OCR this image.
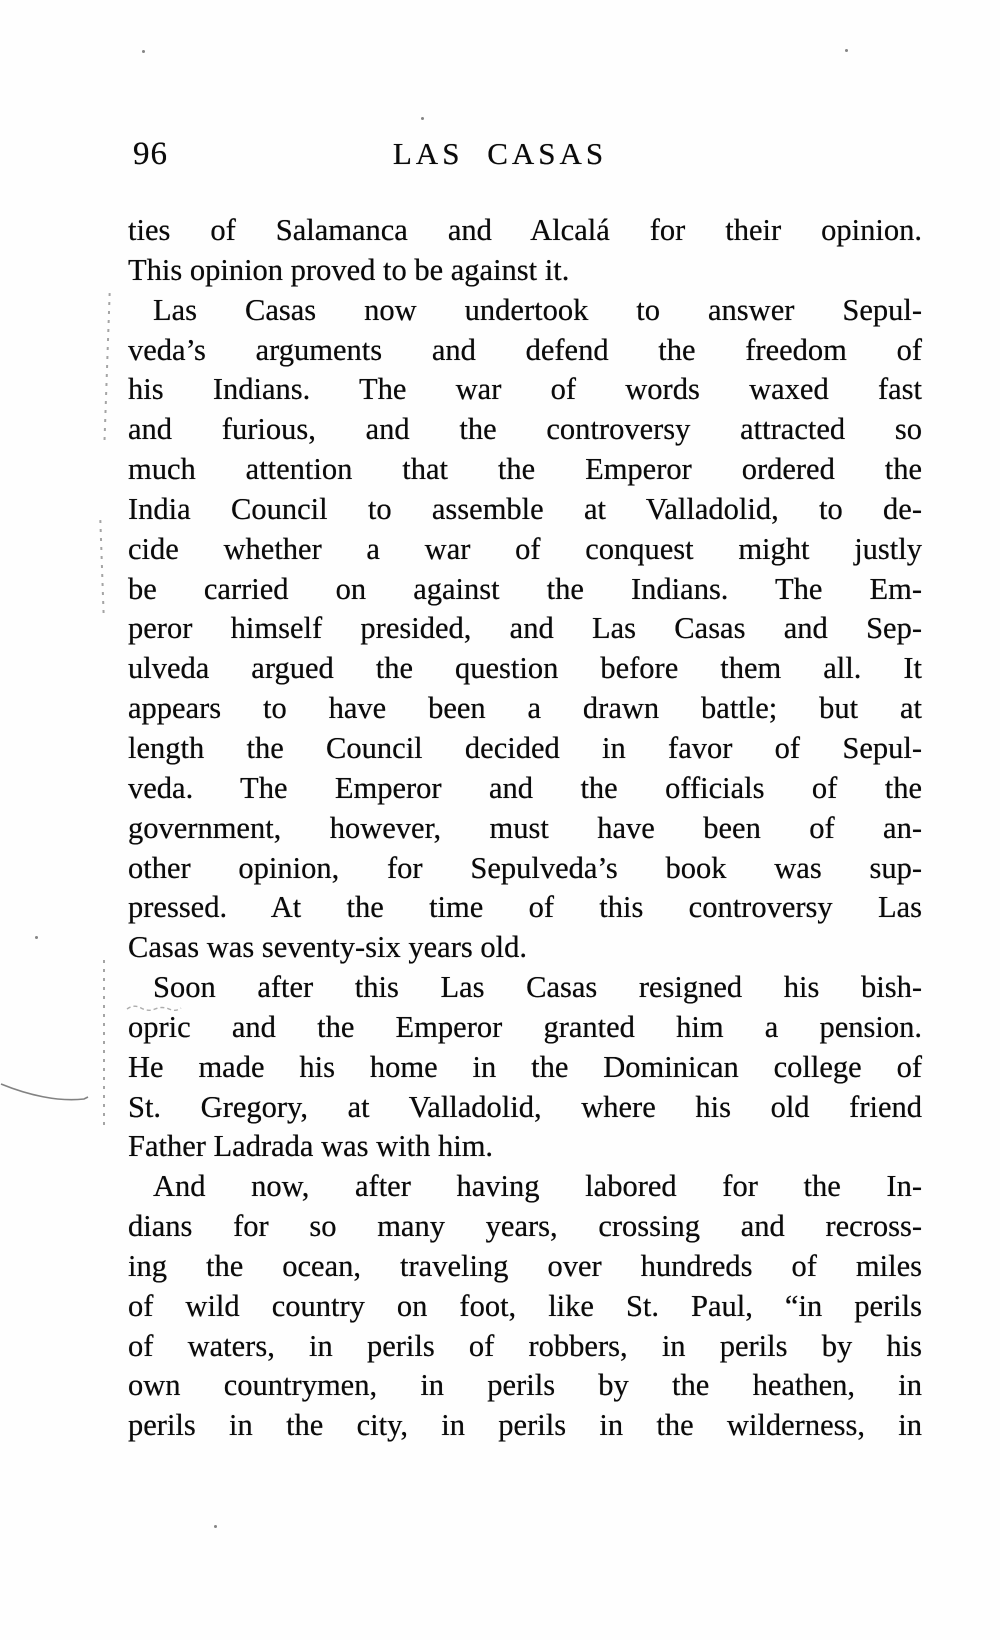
96	LAS CASAS
ties of Salamanca and Alcalá for their opinion.
This opinion proved to be against it.
Las Casas now undertook to answer Sepul-
veda’s arguments and defend the freedom of
his Indians. The war of words waxed fast
and furious, and the controversy attracted so
much attention that the Emperor ordered the
India Council to assemble at Valladolid, to de-
cide whether a war of conquest might justly
be carried on against the Indians. The Em-
peror himself presided, and Las Casas and Sep-
ulveda argued the question before them all. It
appears to have been a drawn battle; but at
length the Council decided in favor of Sepul-
veda. The Emperor and the officials of the
government, however, must have been of an-
other opinion, for Sepulveda’s book was sup-
pressed. At the time of this controversy Las
Casas was seventy-six years old.
Soon after this Las Casas resigned his bish-
opric and the Emperor granted him a pension.
He made his home in the Dominican college of
St. Gregory, at Valladolid, where his old friend
Father Ladrada was with him.
And now, after having labored for the In-
dians for so many years, crossing and recross-
ing the ocean, traveling over hundreds of miles
of wild country on foot, like St. Paul, “in perils
of waters, in perils of robbers, in perils by his
own countrymen, in perils by the heathen, in
perils in the city, in perils in the wilderness, in
